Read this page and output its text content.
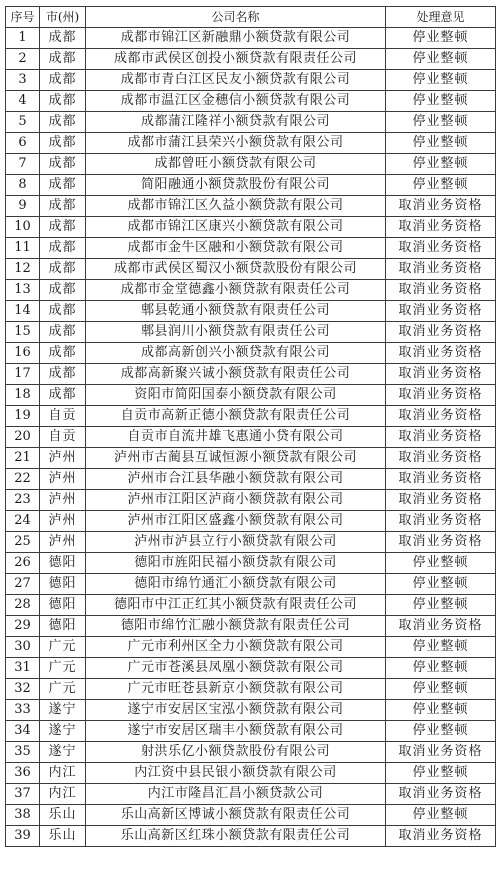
序号	市(州)	公司名称	处理意见
1	成都	成都市锦江区新融鼎小额贷款有限公司	停业整顿
2	成都	成都市武侯区创投小额贷款有限责任公司	停业整顿
3	成都	成都市青白江区民友小额贷款有限公司	停业整顿
4	成都	成都市温江区金穗信小额贷款有限公司	停业整顿
5	成都	成都蒲江隆祥小额贷款有限公司	停业整顿
6	成都	成都市蒲江县荣兴小额贷款有限公司	停业整顿
7	成都	成都曾旺小额贷款有限公司	停业整顿
8	成都	简阳融通小额贷款股份有限公司	停业整顿
9	成都	成都市锦江区久益小额贷款有限公司	取消业务资格
10	成都	成都市锦江区康兴小额贷款有限公司	取消业务资格
11	成都	成都市金牛区融和小额贷款有限公司	取消业务资格
12	成都	成都市武侯区蜀汉小额贷款股份有限公司	取消业务资格
13	成都	成都市金堂德鑫小额贷款有限责任公司	取消业务资格
14	成都	郫县乾通小额贷款有限责任公司	取消业务资格
15	成都	郫县润川小额贷款有限责任公司	取消业务资格
16	成都	成都高新创兴小额贷款有限公司	取消业务资格
17	成都	成都高新聚兴诚小额贷款有限责任公司	取消业务资格
18	成都	资阳市简阳国泰小额贷款有限公司	取消业务资格
19	自贡	自贡市高新正德小额贷款有限责任公司	取消业务资格
20	自贡	自贡市自流井雄飞惠通小贷有限公司	取消业务资格
21	泸州	泸州市古蔺县互诚恒源小额贷款有限公司	取消业务资格
22	泸州	泸州市合江县华融小额贷款有限公司	取消业务资格
23	泸州	泸州市江阳区泸商小额贷款有限公司	取消业务资格
24	泸州	泸州市江阳区盛鑫小额贷款有限公司	取消业务资格
25	泸州	泸州市泸县立行小额贷款有限公司	取消业务资格
26	德阳	德阳市旌阳民福小额贷款有限公司	停业整顿
27	德阳	德阳市绵竹通汇小额贷款有限公司	停业整顿
28	德阳	德阳市中江正红其小额贷款有限责任公司	停业整顿
29	德阳	德阳市绵竹汇融小额贷款有限责任公司	取消业务资格
30	广元	广元市利州区全力小额贷款有限公司	停业整顿
31	广元	广元市苍溪县凤凰小额贷款有限公司	停业整顿
32	广元	广元市旺苍县新京小额贷款有限公司	停业整顿
33	遂宁	遂宁市安居区宝泓小额贷款有限公司	停业整顿
34	遂宁	遂宁市安居区瑞丰小额贷款有限公司	停业整顿
35	遂宁	射洪乐亿小额贷款股份有限公司	取消业务资格
36	内江	内江资中县民银小额贷款有限公司	停业整顿
37	内江	内江市隆昌汇昌小额贷款公司	取消业务资格
38	乐山	乐山高新区博诚小额贷款有限责任公司	停业整顿
39	乐山	乐山高新区红珠小额贷款有限责任公司	取消业务资格
